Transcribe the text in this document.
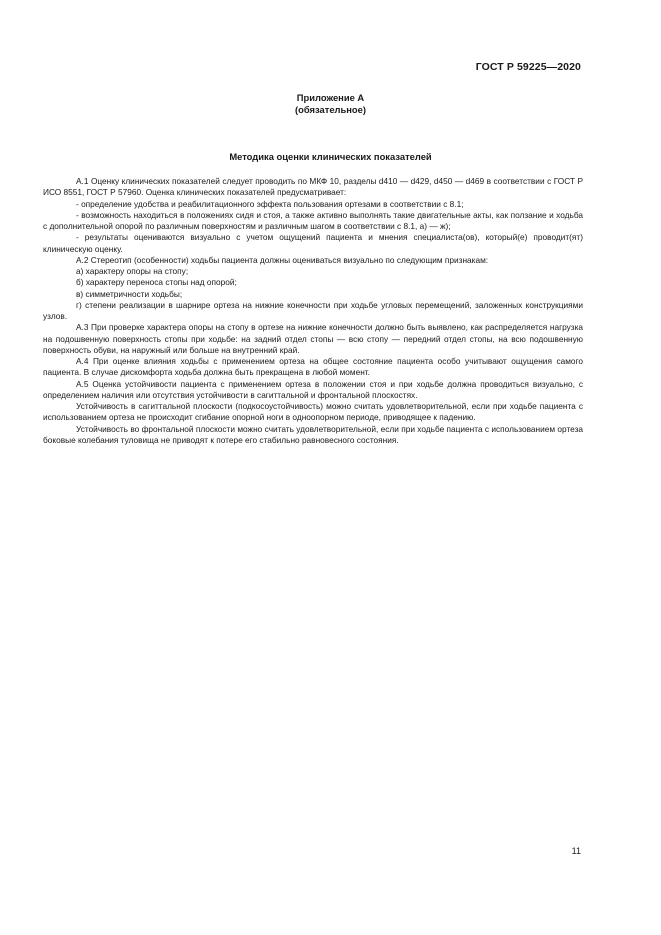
ГОСТ Р 59225—2020
Приложение А
(обязательное)
Методика оценки клинических показателей

А.1 Оценку клинических показателей следует проводить по МКФ 10, разделы d410 — d429, d450 — d469 в соответствии с ГОСТ Р ИСО 8551, ГОСТ Р 57960. Оценка клинических показателей предусматривает:

- определение удобства и реабилитационного эффекта пользования ортезами в соответствии с 8.1;

- возможность находиться в положениях сидя и стоя, а также активно выполнять такие двигательные акты, как ползание и ходьба с дополнительной опорой по различным поверхностям и различным шагом в соответствии с 8.1, а) — ж);

- результаты оцениваются визуально с учетом ощущений пациента и мнения специалиста(ов), который(е) проводит(ят) клиническую оценку.

А.2 Стереотип (особенности) ходьбы пациента должны оцениваться визуально по следующим признакам:

а) характеру опоры на стопу;

б) характеру переноса стопы над опорой;

в) симметричности ходьбы;

г) степени реализации в шарнире ортеза на нижние конечности при ходьбе угловых перемещений, заложенных конструкциями узлов.

А.3 При проверке характера опоры на стопу в ортезе на нижние конечности должно быть выявлено, как распределяется нагрузка на подошвенную поверхность стопы при ходьбе: на задний отдел стопы — всю стопу — передний отдел стопы, на всю подошвенную поверхность обуви, на наружный или больше на внутренний край.

А.4 При оценке влияния ходьбы с применением ортеза на общее состояние пациента особо учитывают ощущения самого пациента. В случае дискомфорта ходьба должна быть прекращена в любой момент.

А.5 Оценка устойчивости пациента с применением ортеза в положении стоя и при ходьбе должна проводиться визуально, с определением наличия или отсутствия устойчивости в сагиттальной и фронтальной плоскостях.

Устойчивость в сагиттальной плоскости (подкосоустойчивость) можно считать удовлетворительной, если при ходьбе пациента с использованием ортеза не происходит сгибание опорной ноги в одноопорном периоде, приводящее к падению.

Устойчивость во фронтальной плоскости можно считать удовлетворительной, если при ходьбе пациента с использованием ортеза боковые колебания туловища не приводят к потере его стабильно равновесного состояния.

11
